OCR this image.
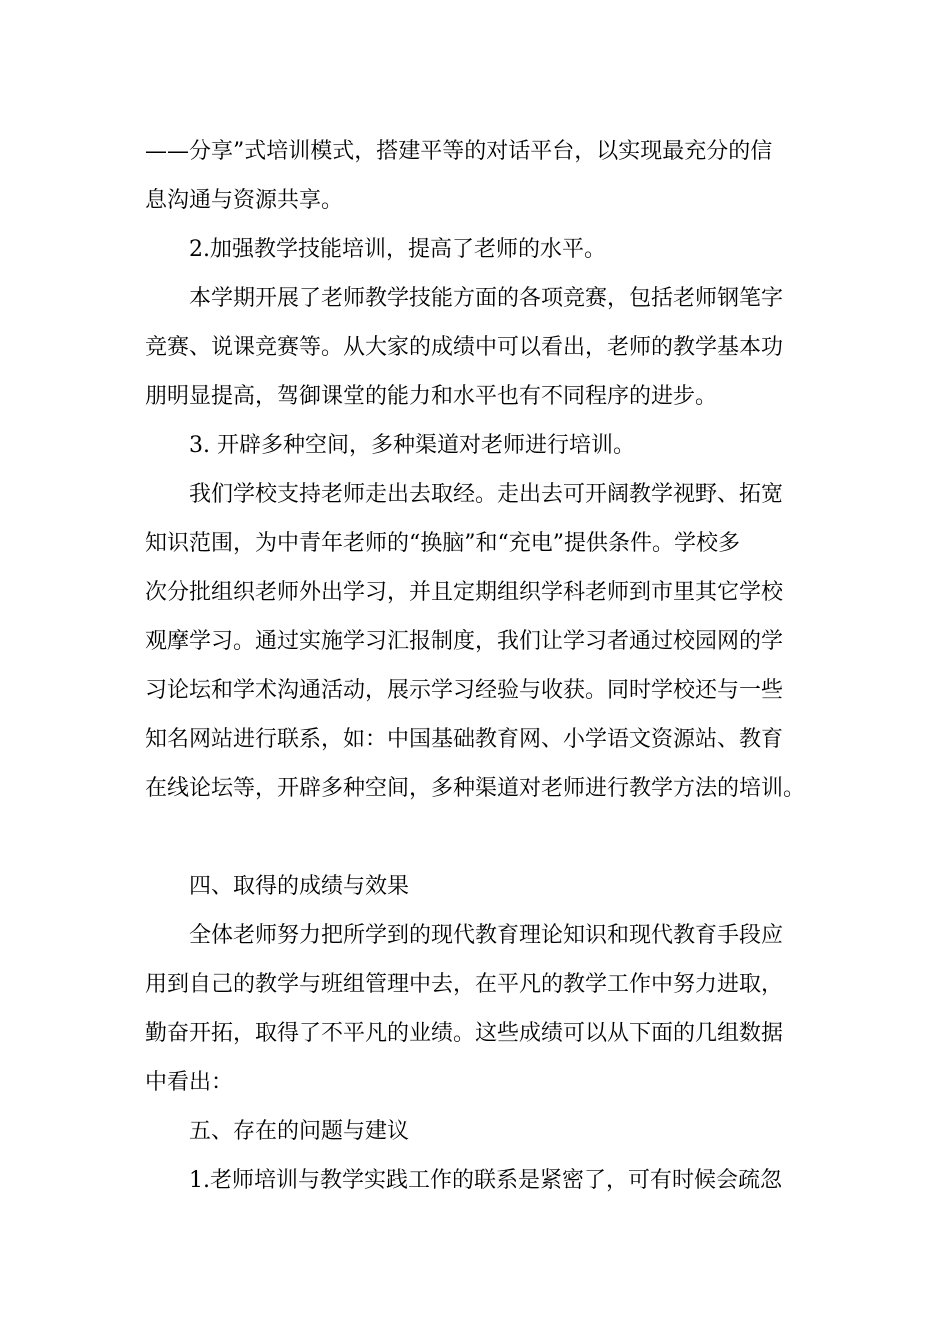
——分享”式培训模式，搭建平等的对话平台，以实现最充分的信
息沟通与资源共享。
2.加强教学技能培训，提高了老师的水平。
本学期开展了老师教学技能方面的各项竞赛，包括老师钢笔字
竞赛、说课竞赛等。从大家的成绩中可以看出，老师的教学基本功
朋明显提高，驾御课堂的能力和水平也有不同程序的进步。
3. 开辟多种空间，多种渠道对老师进行培训。
我们学校支持老师走出去取经。走出去可开阔教学视野、拓宽
知识范围，为中青年老师的“换脑”和“充电”提供条件。学校多
次分批组织老师外出学习，并且定期组织学科老师到市里其它学校
观摩学习。通过实施学习汇报制度，我们让学习者通过校园网的学
习论坛和学术沟通活动，展示学习经验与收获。同时学校还与一些
知名网站进行联系，如：中国基础教育网、小学语文资源站、教育
在线论坛等，开辟多种空间，多种渠道对老师进行教学方法的培训。
四、取得的成绩与效果
全体老师努力把所学到的现代教育理论知识和现代教育手段应
用到自己的教学与班组管理中去，在平凡的教学工作中努力进取，
勤奋开拓，取得了不平凡的业绩。这些成绩可以从下面的几组数据
中看出：
五、存在的问题与建议
1.老师培训与教学实践工作的联系是紧密了，可有时候会疏忽
